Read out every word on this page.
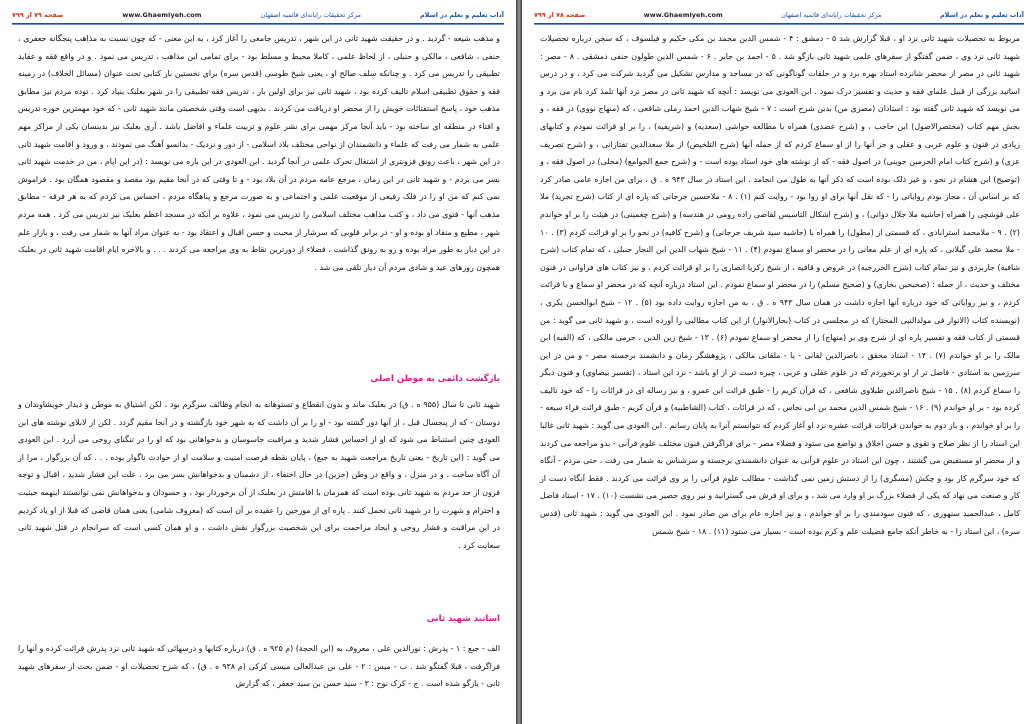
صفحه ۷۹ از ۷۹۹	www.Ghaemiyeh.com	مرکز تحقیقات رایانه‌ای قائمیه اصفهان	آداب تعلیم و تعلم در اسلام
و مذهب شیعه - گردید . و در حقیقت شهید ثانی در این شهر ، تدریس جامعی را آغاز کرد ، به این معنی - که چون نسبت به مذاهب پنجگانه جعفری ، حنفی ، شافعی ، مالکی و حنبلی ، از لحاظ علمی ، کاملا محیط و مسلط بود - برای تمامی این مذاهب ، تدریس می نمود . و در واقع فقه و عقاید تطبیقی را تدریس می کرد . و چنانکه سلف صالح او ، یعنی شیخ طوسی (قدس سره) برای نخستین بار کتابی تحت عنوان (مسائل الخلاف) در زمینه فقه و حقوق تطبیقی اسلام تالیف کرده بود ، شهید ثانی نیز برای اولین بار ، تدریس فقه تطبیقی را در شهر بعلبک بنیاد کرد . توده مردم نیز مطابق مذهب خود ، پاسخ استفتائات خویش را از محضر او دریافت می کردند . بدیهی است وقتی شخصیتی مانند شهید ثانی - که خود مهمترین حوزه تدریس و افتاء در منطقه ای ساخته بود - باید آنجا مرکز مهمی برای نشر علوم و تربیت علماء و افاضل باشد . آری بعلبک نیز بدینسان یکی از مراکز مهم علمی به شمار می رفت که علماء و دانشمندان از نواحی مختلف بلاد اسلامی - از دور و نزدیک - بدانسو آهنگ می نمودند ، و ورود و اقامت شهید ثانی در این شهر ، باعث رونق فزونتری از اشتغال تحرک علمی در آنجا گردید . ابن العودی در این باره می نویسد : (در این ایام ، من در خدمت شهید ثانی بسر می بردم - و شهید ثانی در این زمان ، مرجع عامه مردم در آن بلاد بود - و تا وقتی که در آنجا مقیم بود مقصد و مقصود همگان بود . فراموش نمی کنم که من او را در فلک رفیعی از موقعیت علمی و اجتماعی و به صورت مرجع و پناهگاه مردم ، احساس می کردم که به هر فرقه - مطابق مذهب آنها - فتوی می داد ، و کتب مذاهب مختلف اسلامی را تدریس می نمود ، علاوه بر آنکه در مسجد اعظم بعلبک نیز تدریس می کرد . همه مردم شهر ، مطیع و منقاد او بوده و او - در برابر قلوبی که سرشار از محبت و حسن اقبال و اعتقاد بود - به عنوان مراد آنها به شمار می رفت ، و بازار علم در این دیار به طور مراد بوده و رو به رونق گذاشت ، فضلاء از دورترین نقاط به وی مراجعه می کردند . . . و بالاخره ایام اقامت شهید ثانی در بعلبک همچون روزهای عید و شادی مردم آن دیار تلقی می شد .
بازگشت دائمی به موطن اصلی
شهید ثانی تا سال (۹۵۵ ه . ق) در بعلبک ماند و بدون انقطاع و تستوهانه به انجام وظائف سرگرم بود ، لکن اشتیاق به موطن و دیدار خویشاوندان و دوستان - که از پنجسال قبل ، از آنها دور گشته بود - او را بر آن داشت که به شهر خود بازگشته و در آنجا مقیم گردد . لکن از لابلای نوشته های ابن العودی چنین استنباط می شود که او از احساس فشار شدید و مراقبت جاسوسان و بدخواهانی بود که او را در تنگنای روحی می آزرد . ابن العودی می گوید : (این تاریخ - یعنی تاریخ مراجعت شهید به جبع) ، پایان نقطه فرصت امنیت و سلامت او از حوادث ناگوار بوده . . . که آن بزرگوار ، مرا از آن آگاه ساخت ، و در منزل ، و واقع در وطن (جزین) در حال اختفاء ، از دشمنان و بدخواهانش بسر می برد . علت این فشار شدید ، اقبال و توجه فزون از حد مردم به شهید ثانی بوده است که همزمان با اقامتش در بعلبک از آن برخوردار بود ، و حسودان و بدخواهانش نمی توانستند اینهمه حیثیت و احترام و شهرت را در شهید ثانی تحمل کنند . پاره ای از مورخین را عقیده بر آن است که (معروف شامی) یعنی همان قاضی که قبلا از او یاد کردیم در این مراقبت و فشار روحی و ایجاد مزاحمت برای این شخصیت بزرگوار نقش داشت ، و او همان کسی است که سرانجام در قتل شهید ثانی سعایت کرد .
اساتید شهید ثانی
الف - جبع : ۱ - پدرش : نورالدین علی ، معروف به (ابن الحجة) (م ۹۲۵ ه . ق) درباره کتابها و درسهائی که شهید ثانی نزد پدرش قرائت کرده و آنها را فراگرفت ، قبلا گفتگو شد . ب - میس : ۲ - علی بن عبدالعالی میسی کرکی (م ۹۳۸ ه . ق) ، که شرح تحصیلات او - ضمن بحث از سفرهای شهید ثانی - بازگو شده است . ج - کرک نوح : ۳ - سید حسن بن سید جعفر ، که گزارش
صفحه ۷۸ از ۷۹۹	www.Ghaemiyeh.com	مرکز تحقیقات رایانه‌ای قائمیه اصفهان	آداب تعلیم و تعلم در اسلام
مربوط به تحصیلات شهید ثانی نزد او ، قبلا گزارش شد ۵ - دمشق : ۴ - شمس الدین محمد بن مکی حکیم و فیلسوف ، که سخن درباره تحصیلات شهید ثانی نزد وی ، ضمن گفتگو از سفرهای علمی شهید ثانی بازگو شد . ۵ - احمد بن جابر . ۶ - شمس الدین طولون حنفی دمشقی . ۸ - مصر : شهید ثانی در مصر از محضر شانزده استاد بهره برد و در حلقات گوناگونی که در مساجد و مدارس تشکیل می گردید شرکت می کرد ، و در درس اساتید بزرگی از قبیل علمای فقه و حدیث و تفسیر درک نمود . ابن العودی می نویسد : آنچه که شهید ثانی در مصر نزد آنها تلمذ کرد نام می برد و می نویسد که شهید ثانی گفته بود : استادان (مصری من) بدین شرح است : ۷ - شیخ شهاب الدین احمد رملی شافعی ، که (منهاج نووی) در فقه ، و بخش مهم کتاب (مختصرالاصول) ابن حاجب ، و (شرح عضدی) همراه با مطالعه حواشی (سعدیه) و (شریفیه) ، را بر او قرائت نمودم و کتابهای زیادی در فنون و علوم عربی و عقلی و جز آنها را از او سماع کردم که از جمله آنها (شرح التلخیص) از ملا سعدالدین تفتازانی ، و (شرح تصریف عزی) و (شرح کتاب امام الحرمین جوینی) در اصول فقه - که از نوشته های خود استاد بوده است - و (شرح جمع الجوامع) (محلی) در اصول فقه ، و (توضیح) ابن هشام در نحو ، و غیر ذلک بوده است که ذکر آنها به طول می انجامد . این استاد در سال ۹۴۳ ه . ق ، برای من اجازه عامی صادر کرد که بر اساس آن ، مجاز بودم روایاتی را - که نقل آنها برای او روا بود - روایت کنم (۱) . ۸ - ملاحسین جرجانی که پاره ای از کتاب (شرح تجرید) ملا علی قوشچی را همراه (حاشیه ملا جلال دوانی) ، و (شرح اشکال التاسیس لقاضی زاده رومی در هندسه) و (شرح چغمینی) در هیئت را بر او خواندم (۲) . ۹ - ملامحمد استرابادی ، که قسمتی از (مطول) را همراه با (حاشیه سید شریف جرجانی) و (شرح کافیه) در نحو را بر او قرائت کردم (۳) . ۱۰ - ملا محمد علی گیلانی ، که پاره ای از علم معانی را در محضر او سماع نمودم (۴) . ۱۱ - شیخ شهاب الدین ابن النجار حنبلی ، که تمام کتاب (شرح شافیه) جاربردی و نیز تمام کتاب (شرح الخزرجیه) در عروض و قافیه ، از شیخ زکریا انصاری را بر او قرائت کردم ، و نیز کتاب های فراوانی در فنون مختلف و حدیث ، از جمله : (صحیحین بخاری) و (صحیح مسلم) را در محضر او سماع نمودم . این استاد درباره آنچه که در محضر او سماع و یا قرائت کردم ، و نیز روایاتی که خود درباره آنها اجازه داشت در همان سال ۹۴۳ ه . ق ، به من اجازه روایت داده بود (۵) . ۱۲ - شیخ ابوالحسن بکری ، (نویسنده کتاب (الانوار فی مولدالنبی المختار) که در مجلسی در کتاب (بحارالانوار) از این کتاب مطالبی را آورده است ، و شهید ثانی می گوید : من قسمتی از کتاب فقه و تفسیر پاره ای از شرح وی بر (منهاج) را از محضر او سماع نمودم (۶) . ۱۳ - شیخ زین الدین ، جرمی مالکی ، که (الفیه) ابن مالک را بر او خواندم (۷) . ۱۴ - استاد محقق ، ناصرالدین لقانی - یا - ملقانی مالکی ، پژوهشگر زمان و دانشمند برجسته مصر - و من در این سرزمین به استادی - فاضل تر از او برنخوردم که در علوم عقلی و عربی ، چیره دست تر از او باشد - نزد این استاد ، (تفسیر بیضاوی) و فنون دیگر را سماع کردم (۸) . ۱۵ - شیخ ناصرالدین طبلاوی شافعی ، که قرآن کریم را - طبق قرائت ابن عمرو ، و نیز رساله ای در قرائات را - که خود تالیف کرده بود - بر او خواندم (۹) . ۱۶ - شیخ شمس الدین محمد بن ابی نحاس ، که در قرائات ، کتاب (الشاطبیه) و قرآن کریم - طبق قرائت قراء سبعه - را بر او خواندم ، و باز دوم به خواندن قرائات قرائت عشره نزد او آغاز کردم که نتوانستم آنرا به پایان رسانم . ابن العودی می گوید : شهید ثانی غالبا این استاد را از نظر صلاح و تقوی و حسن اخلاق و تواضع می ستود و فضلاء مصر - برای فراگرفتن فنون مختلف علوم قرآنی - بدو مراجعه می کردند و از محضر او مستفیض می گشتند ، چون این استاد در علوم قرآنی به عنوان دانشمندی برجسته و سرشناس به شمار می رفت ، حتی مردم - آنگاه که خود سرگرم کار بود و چکش (مسگری) را از دستش زمین نمی گذاشت - مطالب علوم قرآنی را بر وی قرائت می کردند . فقط آنگاه دست از کار و صنعت می نهاد که یکی از فضلاء بزرگ بر او وارد می شد ، و برای او فرش می گسترانید و نیز روی حصیر می نشست (۱۰) . ۱۷ - استاد فاضل کامل ، عبدالحمید سنهوری ، که فنون سودمندی را بر او خواندم ، و نیز اجازه عام برای من صادر نمود . ابن العودی می گوید : شهید ثانی (قدس سره) ، این استاد را - به خاطر آنکه جامع فضیلت علم و کرم بوده است - بسیار می ستود (۱۱) . ۱۸ - شیخ شمس
